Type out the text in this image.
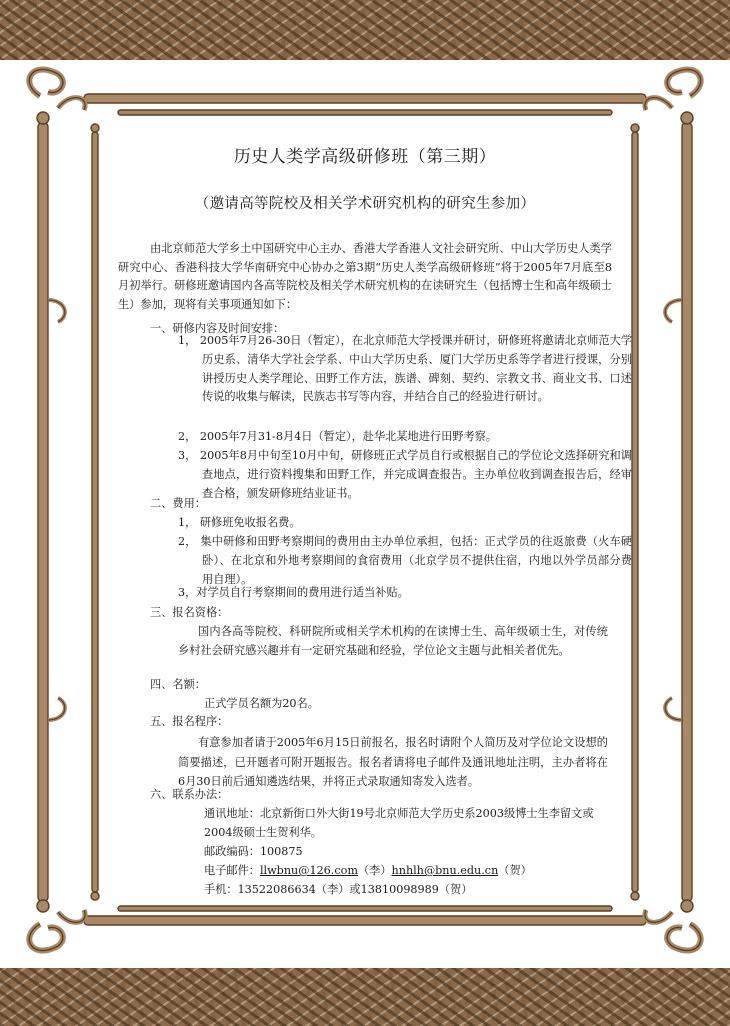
历史人类学高级研修班（第三期）
（邀请高等院校及相关学术研究机构的研究生参加）

由北京师范大学乡土中国研究中心主办、香港大学香港人文社会研究所、中山大学历史人类学研究中心、香港科技大学华南研究中心协办之第3期“历史人类学高级研修班”将于2005年7月底至8月初举行。研修班邀请国内各高等院校及相关学术研究机构的在读研究生（包括博士生和高年级硕士生）参加，现将有关事项通知如下：

一、研修内容及时间安排：
1， 2005年7月26-30日（暂定），在北京师范大学授课并研讨，研修班将邀请北京师范大学历史系、清华大学社会学系、中山大学历史系、厦门大学历史系等学者进行授课，分别讲授历史人类学理论、田野工作方法，族谱、碑刻、契约、宗教文书、商业文书、口述传说的收集与解读，民族志书写等内容，并结合自己的经验进行研讨。
2， 2005年7月31-8月4日（暂定），赴华北某地进行田野考察。
3， 2005年8月中旬至10月中旬，研修班正式学员自行或根据自己的学位论文选择研究和调查地点，进行资料搜集和田野工作，并完成调查报告。主办单位收到调查报告后，经审查合格，颁发研修班结业证书。
二、费用：
1， 研修班免收报名费。
2， 集中研修和田野考察期间的费用由主办单位承担，包括：正式学员的往返旅费（火车硬卧）、在北京和外地考察期间的食宿费用（北京学员不提供住宿，内地以外学员部分费用自理）。
3，对学员自行考察期间的费用进行适当补贴。
三、报名资格：
国内各高等院校、科研院所或相关学术机构的在读博士生、高年级硕士生，对传统乡村社会研究感兴趣并有一定研究基础和经验，学位论文主题与此相关者优先。
四、名额：
正式学员名额为20名。
五、报名程序：
有意参加者请于2005年6月15日前报名，报名时请附个人简历及对学位论文设想的简要描述，已开题者可附开题报告。报名者请将电子邮件及通讯地址注明，主办者将在6月30日前后通知遴选结果，并将正式录取通知寄发入选者。
六、联系办法：
通讯地址：北京新街口外大街19号北京师范大学历史系2003级博士生李留文或
2004级硕士生贺利华。
邮政编码：100875
电子邮件：llwbnu@126.com（李）hnhlh@bnu.edu.cn（贺）
手机：13522086634（李）或13810098989（贺）
